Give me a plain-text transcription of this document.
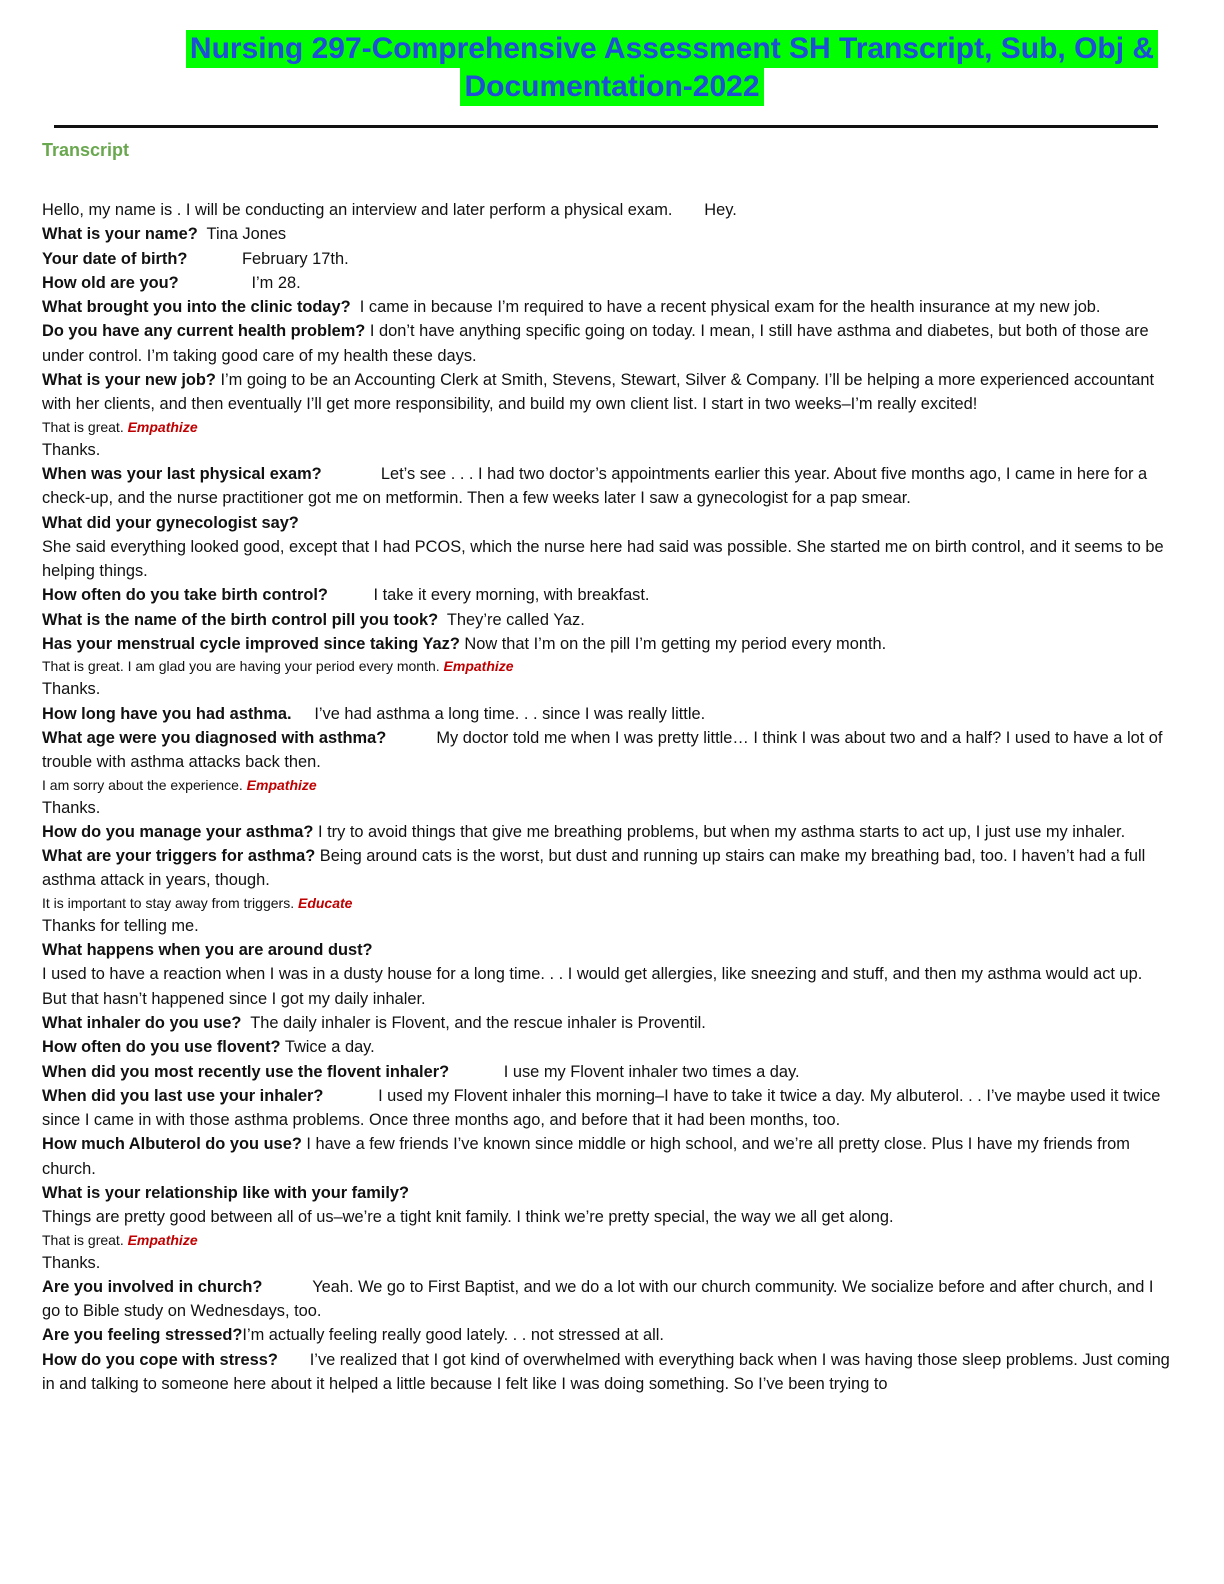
Nursing 297-Comprehensive Assessment SH Transcript, Sub, Obj &
Documentation-2022
Transcript

Hello, my name is . I will be conducting an interview and later perform a physical exam.       Hey.

What is your name?  Tina Jones

Your date of birth?            February 17th.

How old are you?                I’m 28.

What brought you into the clinic today?  I came in because I’m required to have a recent physical exam for the health insurance at my new job.

Do you have any current health problem? I don’t have anything specific going on today. I mean, I still have asthma and diabetes, but both of those are under control. I’m taking good care of my health these days.

What is your new job? I’m going to be an Accounting Clerk at Smith, Stevens, Stewart, Silver & Company. I’ll be helping a more experienced accountant with her clients, and then eventually I’ll get more responsibility, and build my own client list. I start in two weeks–I’m really excited!

That is great. Empathize

Thanks.

When was your last physical exam?             Let’s see . . . I had two doctor’s appointments earlier this year. About five months ago, I came in here for a check-up, and the nurse practitioner got me on metformin. Then a few weeks later I saw a gynecologist for a pap smear.

What did your gynecologist say?

She said everything looked good, except that I had PCOS, which the nurse here had said was possible. She started me on birth control, and it seems to be helping things.

How often do you take birth control?          I take it every morning, with breakfast.

What is the name of the birth control pill you took?  They’re called Yaz.

Has your menstrual cycle improved since taking Yaz? Now that I’m on the pill I’m getting my period every month.

That is great. I am glad you are having your period every month. Empathize

Thanks.

How long have you had asthma.     I’ve had asthma a long time. . . since I was really little.

What age were you diagnosed with asthma?           My doctor told me when I was pretty little… I think I was about two and a half? I used to have a lot of trouble with asthma attacks back then.

I am sorry about the experience. Empathize

Thanks.

How do you manage your asthma? I try to avoid things that give me breathing problems, but when my asthma starts to act up, I just use my inhaler.

What are your triggers for asthma? Being around cats is the worst, but dust and running up stairs can make my breathing bad, too. I haven’t had a full asthma attack in years, though.

It is important to stay away from triggers. Educate

Thanks for telling me.

What happens when you are around dust?

I used to have a reaction when I was in a dusty house for a long time. . . I would get allergies, like sneezing and stuff, and then my asthma would act up. But that hasn’t happened since I got my daily inhaler.

What inhaler do you use?  The daily inhaler is Flovent, and the rescue inhaler is Proventil.

How often do you use flovent? Twice a day.

When did you most recently use the flovent inhaler?            I use my Flovent inhaler two times a day.

When did you last use your inhaler?            I used my Flovent inhaler this morning–I have to take it twice a day. My albuterol. . . I’ve maybe used it twice since I came in with those asthma problems. Once three months ago, and before that it had been months, too.

How much Albuterol do you use? I have a few friends I’ve known since middle or high school, and we’re all pretty close. Plus I have my friends from church.

What is your relationship like with your family?

Things are pretty good between all of us–we’re a tight knit family. I think we’re pretty special, the way we all get along.

That is great. Empathize

Thanks.

Are you involved in church?           Yeah. We go to First Baptist, and we do a lot with our church community. We socialize before and after church, and I go to Bible study on Wednesdays, too.

Are you feeling stressed?I’m actually feeling really good lately. . . not stressed at all.

How do you cope with stress?       I’ve realized that I got kind of overwhelmed with everything back when I was having those sleep problems. Just coming in and talking to someone here about it helped a little because I felt like I was doing something. So I’ve been trying to
